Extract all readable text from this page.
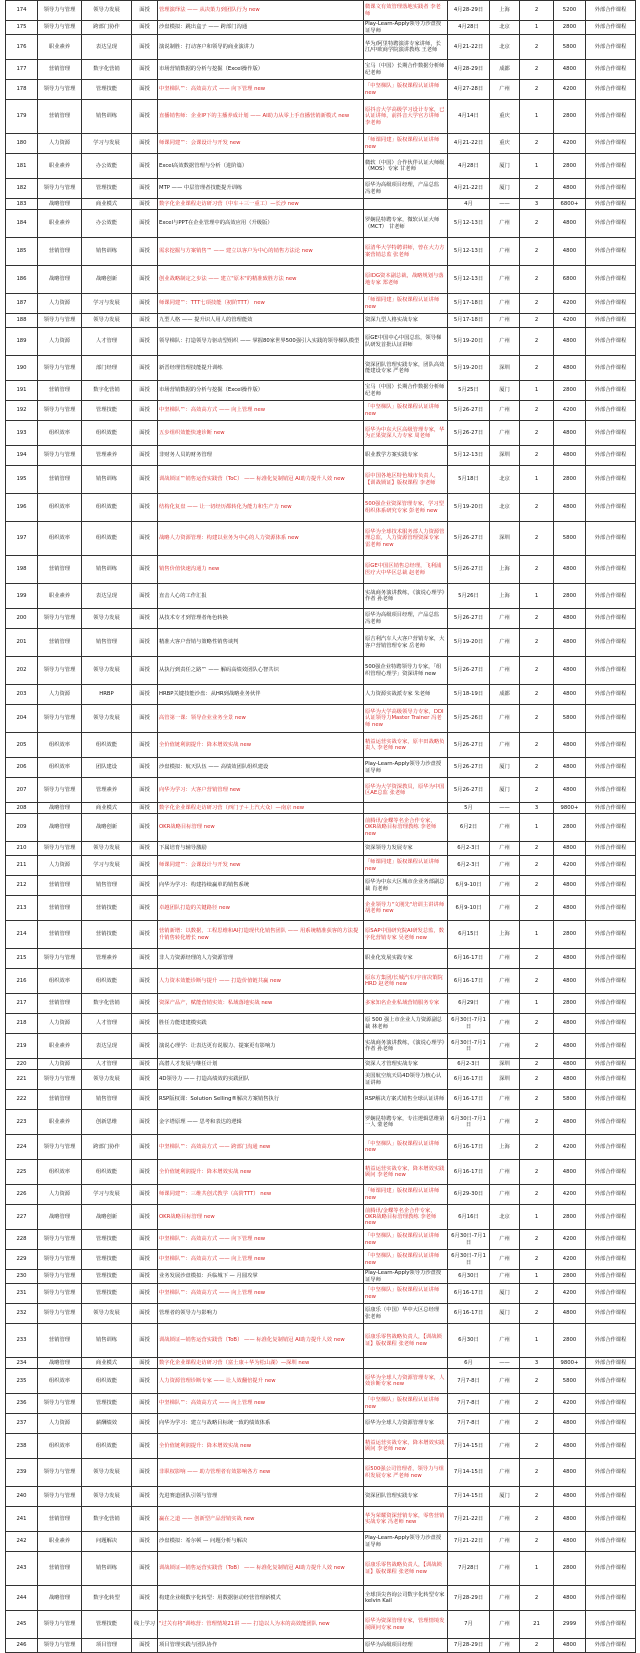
174	领导力与管理	领导力发展	面授	管理演绎法 —— 从决策力到团队行为 new	微课文有效管理落地实践者 李老师	4月28-29日	上海	2	5200	外部合作课程
175	领导力与管理	跨部门协作	面授	沙盘模拟：跳出盒子 —— 跨部门沟通	Play-Learn-Apply领导力沙盘授证导师	4月28日	北京	1	2800	外部合作课程
176	职业素养	表达呈现	面授	演说制胜：打动客户和领导的商业演讲力	华为/阿里特聘演讲专家讲师，长江/中欧商学院演讲教练 王老师	4月21-22日	北京	2	5800	外部合作课程
177	营销管理	数字化营销	面授	市场营销数据的分析与挖掘（Excel操作版）	宝马（中国）长期合作数据分析师 纪老师	4月28-29日	成都	2	4800	外部合作课程
178	领导力与管理	管理技能	面授	中坚梯队™：高效高方式 —— 向下管理 new	「中坚梯队」版权课程认证讲师 new	4月27-28日	广州	2	4200	外部合作课程
179	营销管理	销售训练	面授	直播销售师：企业IP下的主播养成计划 —— AI助力从零上手直播营销新模式 new	原抖音大学高级学习设计专家，已认证讲师，前抖音大学官方讲师 李老师	4月14日	重庆	1	2800	外部合作课程
180	人力资源	学习与发展	面授	师课同建™：会课设计与开发 new	「师课同建」版权课程认证讲师 new	4月21-22日	重庆	2	4200	外部合作课程
181	职业素养	办公效能	面授	Excel高效数据管理与分析（进阶篇）	微软（中国）合作伙伴认证大师级（MOS）专家 甘老师	4月28日	厦门	1	2800	外部合作课程
182	领导力与管理	管理技能	面授	MTP —— 中层管理者技能提升训练	原华为高级项目经理，产品总监 冯老师	4月21-22日	厦门	2	4800	外部合作课程
183	战略管理	商业模式	面授	数字化企业课程走访研习营（中车＋三一重工）—长沙 new		4月	——	3	6800+	外部合作课程
184	职业素养	办公效能	面授	Excel与PPT在企业管理中的高效应用（升级版）	罗娴昆特聘专家，微软认证大师（MCT） 甘老师	5月12-13日	广州	2	4800	外部合作课程
185	营销管理	销售训练	面授	需求挖掘与方案销售™ —— 建立以客户为中心的销售方法论 new	原清华大学特聘讲师，曾在大力方案营销总监 张老师	5月12-13日	广州	2	4800	外部合作课程
186	战略管理	战略创新	面授	创业战略制定之步法 —— 建立"原本"的精准致胜方法 new	原IDG资本副总裁，战略规划与落地专家 郑老师	5月12-13日	广州	2	6800	外部合作课程
187	人力资源	学习与发展	面授	师课同建™：TTT七项技能（初阶TTT） new	「师课同建」版权课程认证讲师 new	5月17-18日	广州	2	4200	外部合作课程
188	领导力与管理	领导力发展	面授	九型人格 —— 提升识人用人的管理能效	资深九型人格实战专家	5月17-18日	广州	2	4200	外部合作课程
189	人力资源	人才管理	面授	领导梯队：打造领导力驱动型组织 —— 掌握80家世界500强引入实践的领导梯队模型	原GE中国中心中国总监，领导梯队研发首批认证讲师	5月19-20日	广州	2	4800	外部合作课程
190	领导力与管理	部门经理	面授	新晋经理管理技能提升训练	资深团队管理实践专家，团队高效能建设专家 严老师	5月19-20日	深圳	2	4800	外部合作课程
191	营销管理	数字化营销	面授	市场营销数据的分析与挖掘（Excel操作版）	宝马（中国）长期合作数据分析师 纪老师	5月25日	厦门	1	2800	外部合作课程
192	领导力与管理	管理技能	面授	中坚梯队™：高效高方式 —— 向上管理 new	「中坚梯队」版权课程认证讲师 new	5月26-27日	广州	2	4200	外部合作课程
193	组织效率	组织效能	面授	五步组织效能快速诊断 new	原华为中东大区高级管理专家，华为正果资深人力专家 周老师	5月26-27日	广州	2	4800	外部合作课程
194	领导力与管理	管理素养	面授	非财务人员的财务管理	职业教学方案实践专家	5月12-13日	深圳	2	4800	外部合作课程
195	营销管理	销售训练	面授	训战锁证™销售运营实践营（ToC） —— 标准化复制销冠 AI助力提升人效 new	原中国各地区特色城市负责人，【训战锁证】版权课程 李老师	5月18日	北京	1	2800	外部合作课程
196	组织效率	组织效能	面授	结构化复盘 —— 让一切经历都转化为能力和生产力 new	500强企业资深管理专家，学习型组织体系研究专家 彭老师 new	5月19-20日	北京	2	4800	外部合作课程
197	组织效率	组织效能	面授	战略人力资源管理：构建以业务为中心的人力资源体系 new	原华为全球技术服务部人力资源管理总监，人力资源管理资深专家 雷老师 new	5月26-27日	深圳	2	5800	外部合作课程
198	营销管理	销售训练	面授	销售价值快速沟通力 new	原GE中国区销售总经理，飞利浦医疗大中华区总裁 赵老师	5月26-27日	上海	2	4800	外部合作课程
199	职业素养	表达呈现	面授	直击人心的工作汇报	实战商务演讲教练，《演说心理学》作者 孙老师	5月26日	上海	1	2800	外部合作课程
200	领导力与管理	领导力发展	面授	从技术专才到管理者角色转换	原华为高级项目经理，产品总监 冯老师	5月26-27日	广州	2	4800	外部合作课程
201	营销管理	销售管理	面授	精准大客户营销与策略性销售谈判	原吉利汽车人大客户营销专家，大客户营销管理专家 岳老师	5月19-20日	广州	2	4800	外部合作课程
202	领导力与管理	领导力发展	面授	从执行到责任之路™ —— 解码高绩效团队心智共识	500强企业特聘领导力专家，「组织管理心理学」资深讲师 new	5月26-27日	广州	2	4800	外部合作课程
203	人力资源	HRBP	面授	HRBP关键技能沙盘：从HR到战略业务伙伴	人力资源实战派专家 朱老师	5月18-19日	成都	2	4800	外部合作课程
204	领导力与管理	领导力发展	面授	高管第一课：领导企业业务全景 new	原华为大学高级领导力专家，DDI认证领导力Master Trainer 冯老师 new	5月25-26日	广州	2	5800	外部合作课程
205	组织效率	组织效能	面授	全价值链利润提升：降本增效实战 new	精益运营实战专家，原丰田战略负责人 李老师 new	5月26-27日	广州	2	4800	外部合作课程
206	组织效率	团队建设	面授	沙盘模拟：航天队伍 —— 高绩效团队组织建设	Play-Learn-Apply领导力沙盘授证导师	5月26-27日	厦门	2	4800	外部合作课程
207	领导力与管理	管理素养	面授	向华为学习：大客户营销管理 new	原华为大学资深教员，原华为中国区AE总监 张老师	5月26-27日	厦门	2	4800	外部合作课程
208	战略管理	商业模式	面授	数字化企业课程走访研习营（西门子＋上汽大众）—南京 new		5月	——	3	9800+	外部合作课程
209	战略管理	战略创新	面授	OKR战略目标管理 new	前腾讯/金蝶等名企合作专家，OKR战略目标管理教练 李老师 new	6月2日	广州	1	2800	外部合作课程
210	领导力与管理	领导力发展	面授	下属培育与辅导激励	资深领导力发展专家	6月2-3日	广州	2	4800	外部合作课程
211	人力资源	学习与发展	面授	师课同建™：会课设计与开发 new	「师课同建」版权课程认证讲师 new	6月2-3日	广州	2	4200	外部合作课程
212	营销管理	销售管理	面授	向华为学习：构建持续赢单的销售系统	原华为中东大区城市企业务部副总裁 肖老师	6月9-10日	广州	2	4800	外部合作课程
213	营销管理	营销技能	面授	卓越团队打造的关键路径 new	企业领导力"文刚先"培训主讲讲师 胡老师 new	6月9-10日	广州	2	4800	外部合作课程
214	营销管理	营销技能	面授	营销新增：以数据，工程思维和AI打造现代化销售团队 —— 用系统精准获客的方法提升销售转化增长 new	原SAP中国研究院AI研发总监，数字化营销专家 吴老师 new	6月15日	上海	1	2800	外部合作课程
215	领导力与管理	管理素养	面授	非人力资源经理的人力资源管理	职业化发展实践专家	6月16-17日	广州	2	4800	外部合作课程
216	组织效率	组织效能	面授	人力资本效能诊断与提升 —— 打造价值链共赢 new	原东方集团/长城汽车/宇宙决策院HRD 赵老师 new	6月16-17日	广州	2	4800	外部合作课程
217	营销管理	数字化营销	面授	资深产品产，赋能营销实效：私域落地实战 new	多家知名企业私域营销服务专家	6月29日	广州	1	2800	外部合作课程
218	人力资源	人才管理	面授	胜任力能建建模实践	原 500 强上市企业人力资源副总裁 林老师	6月30日-7月1日	广州	2	4800	外部合作课程
219	职业素养	表达呈现	面授	演说心理学：让表达更有说服力、提案更有影响力	实战商务演讲教练，《演说心理学》作者 孙老师	6月30日-7月1日	广州	2	4800	外部合作课程
220	人力资源	人才管理	面授	高潜人才发展与继任计划	资深人才管理实战专家	6月2-3日	深圳	2	4800	外部合作课程
221	领导力与管理	领导力发展	面授	4D领导力 —— 打造高绩效的实践团队	美国航空航天局4D领导力核心认证讲师	6月16-17日	深圳	2	4800	外部合作课程
222	营销管理	销售管理	面授	RSP版权课：Solution Selling®解决方案销售执行	RSP解决方案式销售全球认证讲师	6月16-17日	广州	2	5800	外部合作课程
223	职业素养	创新思维	面授	金字塔原理 —— 思考和表达的逻辑	罗娴昆特聘专家，专注逻辑思维第一人 蒙老师	6月30日-7月1日	广州	2	4800	外部合作课程
224	领导力与管理	跨部门协作	面授	中坚梯队™：高效高方式 —— 跨部门沟通 new	「中坚梯队」版权课程认证讲师 new	6月16-17日	上海	2	4200	外部合作课程
225	组织效率	组织效能	面授	全价值链利润提升：降本增效实战 new	精益运营实战专家，降本增效实践顾问 李老师 new	6月16-17日	广州	2	4800	外部合作课程
226	人力资源	学习与发展	面授	师课同建™：三维共创式教学（高阶TTT） new	「师课同建」版权课程认证讲师 new	6月29-30日	广州	2	4200	外部合作课程
227	战略管理	战略创新	面授	OKR战略目标管理 new	前腾讯/金蝶等名企合作专家，OKR战略目标管理教练 李老师 new	6月16日	北京	1	2800	外部合作课程
228	领导力与管理	管理技能	面授	中坚梯队™：高效高方式 —— 向下管理 new	「中坚梯队」版权课程认证讲师 new	6月30日-7月1日	广州	2	4200	外部合作课程
229	领导力与管理	管理技能	面授	中坚梯队™：高效高方式 —— 向上管理 new	「中坚梯队」版权课程认证讲师 new	6月30日-7月1日	广州	2	4200	外部合作课程
230	领导力与管理	管理技能	面授	业务发展沙盘模拟：兵临城下 — 月圆攻掌	Play-Learn-Apply领导力沙盘授证导师	6月30日	广州	1	2800	外部合作课程
231	领导力与管理	管理技能	面授	中坚梯队™：高效高方式 —— 向上管理 new	「中坚梯队」版权课程认证讲师 new	6月16-17日	厦门	2	4200	外部合作课程
232	领导力与管理	领导力发展	面授	管理者的领导力与影响力	原康乐（中国）华中大区总经理 张老师	6月16-17日	厦门	2	4800	外部合作课程
233	营销管理	销售训练	面授	训战锁证—销售运营实践营（ToB） —— 标准化复制销冠 AI助力提升人效 new	原康乐零售战略负责人，【训战锁证】版权课程 张老师 new	6月30日	广州	1	2800	外部合作课程
234	战略管理	商业模式	面授	数字化企业课程走访研习营（富士康＋华为松山湖）—深圳 new		6月	——	3	9800+	外部合作课程
235	组织效率	组织效能	面授	人力资源管理诊断专家 —— 让人效翻倍提升 new	原华为全球人力资源管理专家，人效诊断专家 new	7月7-8日	广州	2	5800	外部合作课程
236	领导力与管理	管理技能	面授	中坚梯队™：高效高方式 —— 向上管理 new	「中坚梯队」版权课程认证讲师 new	7月7-8日	广州	2	4200	外部合作课程
237	人力资源	薪酬绩效	面授	向华为学习：建立与战略目标统一致的绩效体系	原华为全球人力资源管理专家	7月7-8日	广州	2	4800	外部合作课程
238	组织效率	组织效能	面授	全价值链利润提升：降本增效实战 new	精益运营实战专家，降本增效实践顾问 李老师 new	7月14-15日	广州	2	4800	外部合作课程
239	领导力与管理	领导力发展	面授	非职权影响 —— 助力管理者有效影响各方 new	原500强公司管理者，领导力与组织发展专家 严老师 new	7月14-15日	广州	2	4800	外部合作课程
240	领导力与管理	领导力发展	面授	先进赛道团队引领与管理	资深团队管理实践专家	7月14-15日	厦门	2	4800	外部合作课程
241	营销管理	数字化营销	面授	赢在之道 —— 创新型产品营销实战 new	华为荣耀资深营销专家，零售营销实战专家 冯老师 new	7月21-22日	广州	2	4800	外部合作课程
242	职业素养	问题解决	面授	沙盘模拟：希尔顿 — 问题分析与解决	Play-Learn-Apply领导力沙盘授证导师	7月21-22日	广州	2	4800	外部合作课程
243	营销管理	销售训练	面授	训战锁证—销售运营实践营（ToB） —— 标准化复制销冠 AI助力提升人效 new	原康乐零售战略负责人，【训战锁证】版权课程 张老师 new	7月28日	广州	1	2800	外部合作课程
244	战略管理	数字化转型	面授	构建企业级数字化转型：用数据驱动经营管理新模式	全球顶尖咨询公司数字化转型专家 kelvin Kail	7月28-29日	广州	2	4800	外部合作课程
245	领导力与管理	管理技能	线上学习	"过关有将"训练营：管理情境21讲 —— 打造以人为本的高效能团队 new	原华为资深管理专家，管理情境发展顾问专家 new	7月	广州	21	2999	外部合作课程
246	领导力与管理	项目管理	面授	项目管理实践与团队协作	原华为高级项目经理	7月28-29日	广州	2	4800	外部合作课程
